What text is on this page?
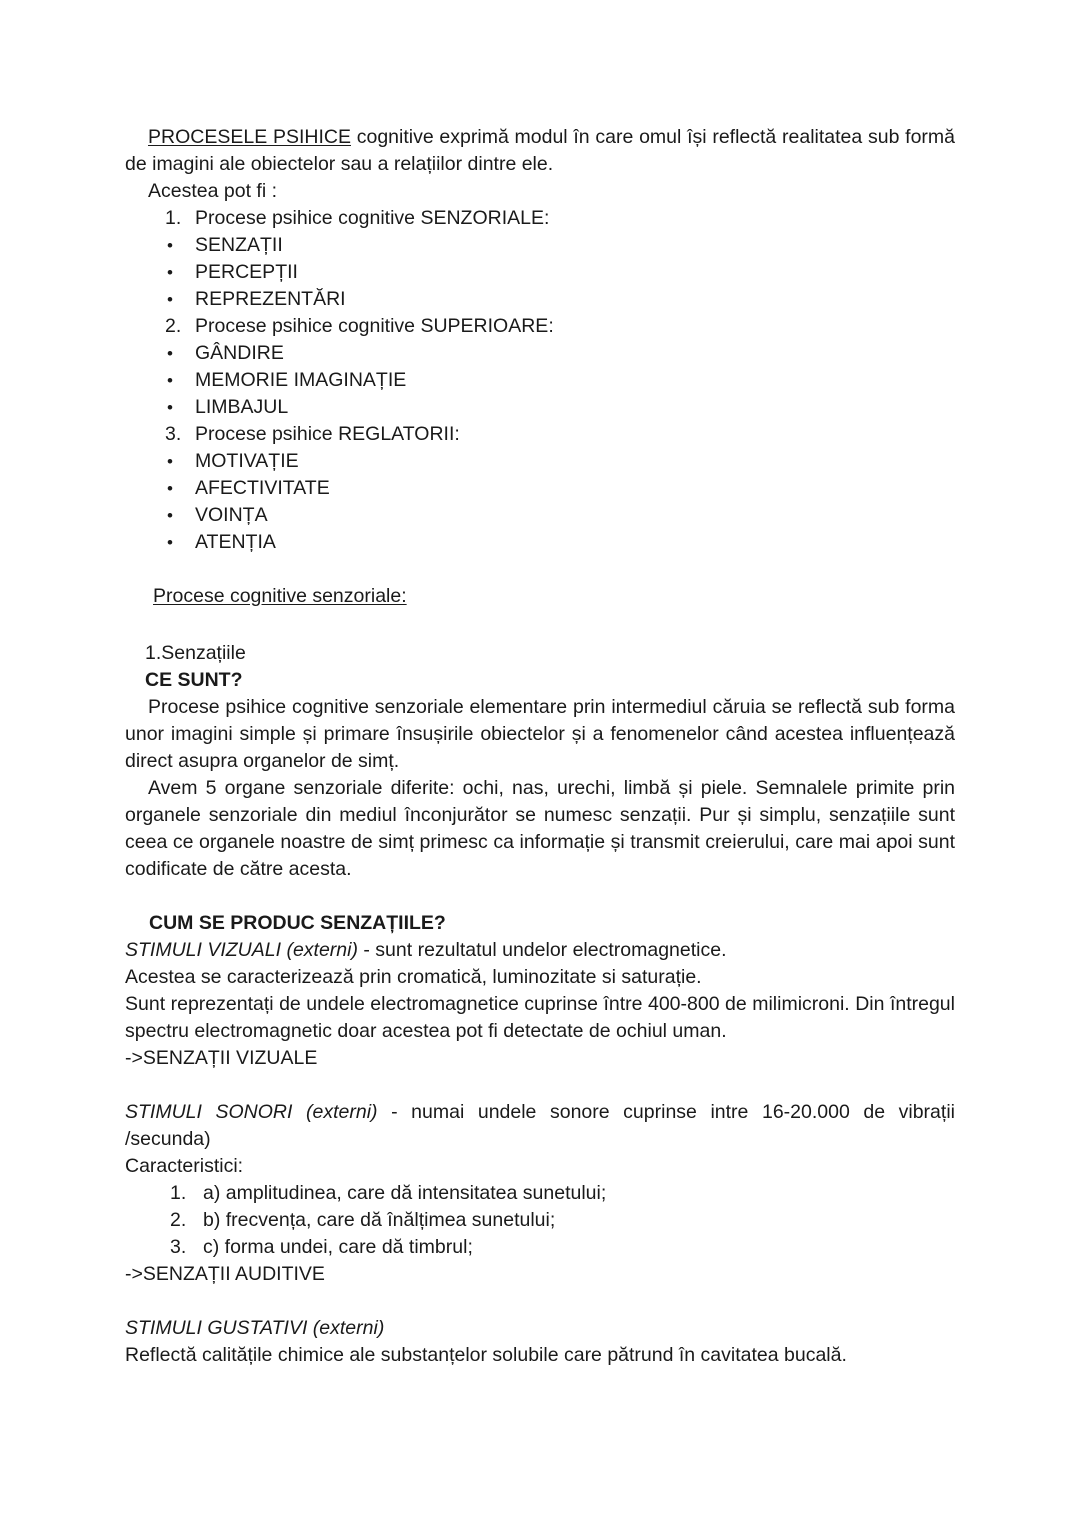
PROCESELE PSIHICE cognitive exprimă modul în care omul își reflectă realitatea sub formă de imagini ale obiectelor sau a relațiilor dintre ele.

Acestea pot fi :

1. Procese psihice cognitive SENZORIALE:
•	SENZAȚII
•	PERCEPȚII
•	REPREZENTĂRI
2. Procese psihice cognitive SUPERIOARE:
•	GÂNDIRE
•	MEMORIE IMAGINAȚIE
•	LIMBAJUL
3. Procese psihice REGLATORII:
•	MOTIVAȚIE
•	AFECTIVITATE
•	VOINȚA
•	ATENȚIA

Procese cognitive senzoriale:

1.Senzațiile

CE SUNT?

Procese psihice cognitive senzoriale elementare prin intermediul căruia se reflectă sub forma unor imagini simple și primare însușirile obiectelor și a fenomenelor când acestea influențează direct asupra organelor de simț.

Avem 5 organe senzoriale diferite: ochi, nas, urechi, limbă și piele. Semnalele primite prin organele senzoriale din mediul înconjurător se numesc senzații. Pur și simplu, senzațiile sunt ceea ce organele noastre de simț primesc ca informație și transmit creierului, care mai apoi sunt codificate de către acesta.

CUM SE PRODUC SENZAȚIILE?

STIMULI VIZUALI (externi) - sunt rezultatul undelor electromagnetice.

Acestea se caracterizează prin cromatică, luminozitate si saturație.

Sunt reprezentați de undele electromagnetice cuprinse între 400-800 de milimicroni. Din întregul spectru electromagnetic doar acestea pot fi detectate de ochiul uman.

->SENZAȚII VIZUALE

STIMULI SONORI (externi) - numai undele sonore cuprinse intre 16-20.000 de vibrații /secunda)

Caracteristici:

1. a) amplitudinea, care dă intensitatea sunetului;
2. b) frecvența, care dă înălțimea sunetului;
3. c) forma undei, care dă timbrul;

->SENZAȚII AUDITIVE

STIMULI GUSTATIVI (externi)

Reflectă calitățile chimice ale substanțelor solubile care pătrund în cavitatea bucală.
